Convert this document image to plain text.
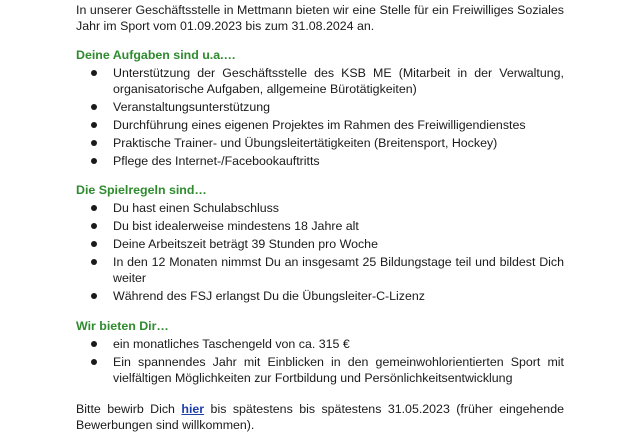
In unserer Geschäftsstelle in Mettmann bieten wir eine Stelle für ein Freiwilliges Soziales Jahr im Sport vom 01.09.2023 bis zum 31.08.2024 an.

Deine Aufgaben sind u.a.…

Unterstützung der Geschäftsstelle des KSB ME (Mitarbeit in der Verwaltung, organisatorische Aufgaben, allgemeine Bürotätigkeiten)
Veranstaltungsunterstützung
Durchführung eines eigenen Projektes im Rahmen des Freiwilligendienstes
Praktische Trainer- und Übungsleitertätigkeiten (Breitensport, Hockey)
Pflege des Internet-/Facebookauftritts

Die Spielregeln sind…

Du hast einen Schulabschluss
Du bist idealerweise mindestens 18 Jahre alt
Deine Arbeitszeit beträgt 39 Stunden pro Woche
In den 12 Monaten nimmst Du an insgesamt 25 Bildungstage teil und bildest Dich weiter
Während des FSJ erlangst Du die Übungsleiter-C-Lizenz

Wir bieten Dir…

ein monatliches Taschengeld von ca. 315 €
Ein spannendes Jahr mit Einblicken in den gemeinwohlorientierten Sport mit vielfältigen Möglichkeiten zur Fortbildung und Persönlichkeitsentwicklung

Bitte bewirb Dich hier bis spätestens bis spätestens 31.05.2023 (früher eingehende Bewerbungen sind willkommen).
